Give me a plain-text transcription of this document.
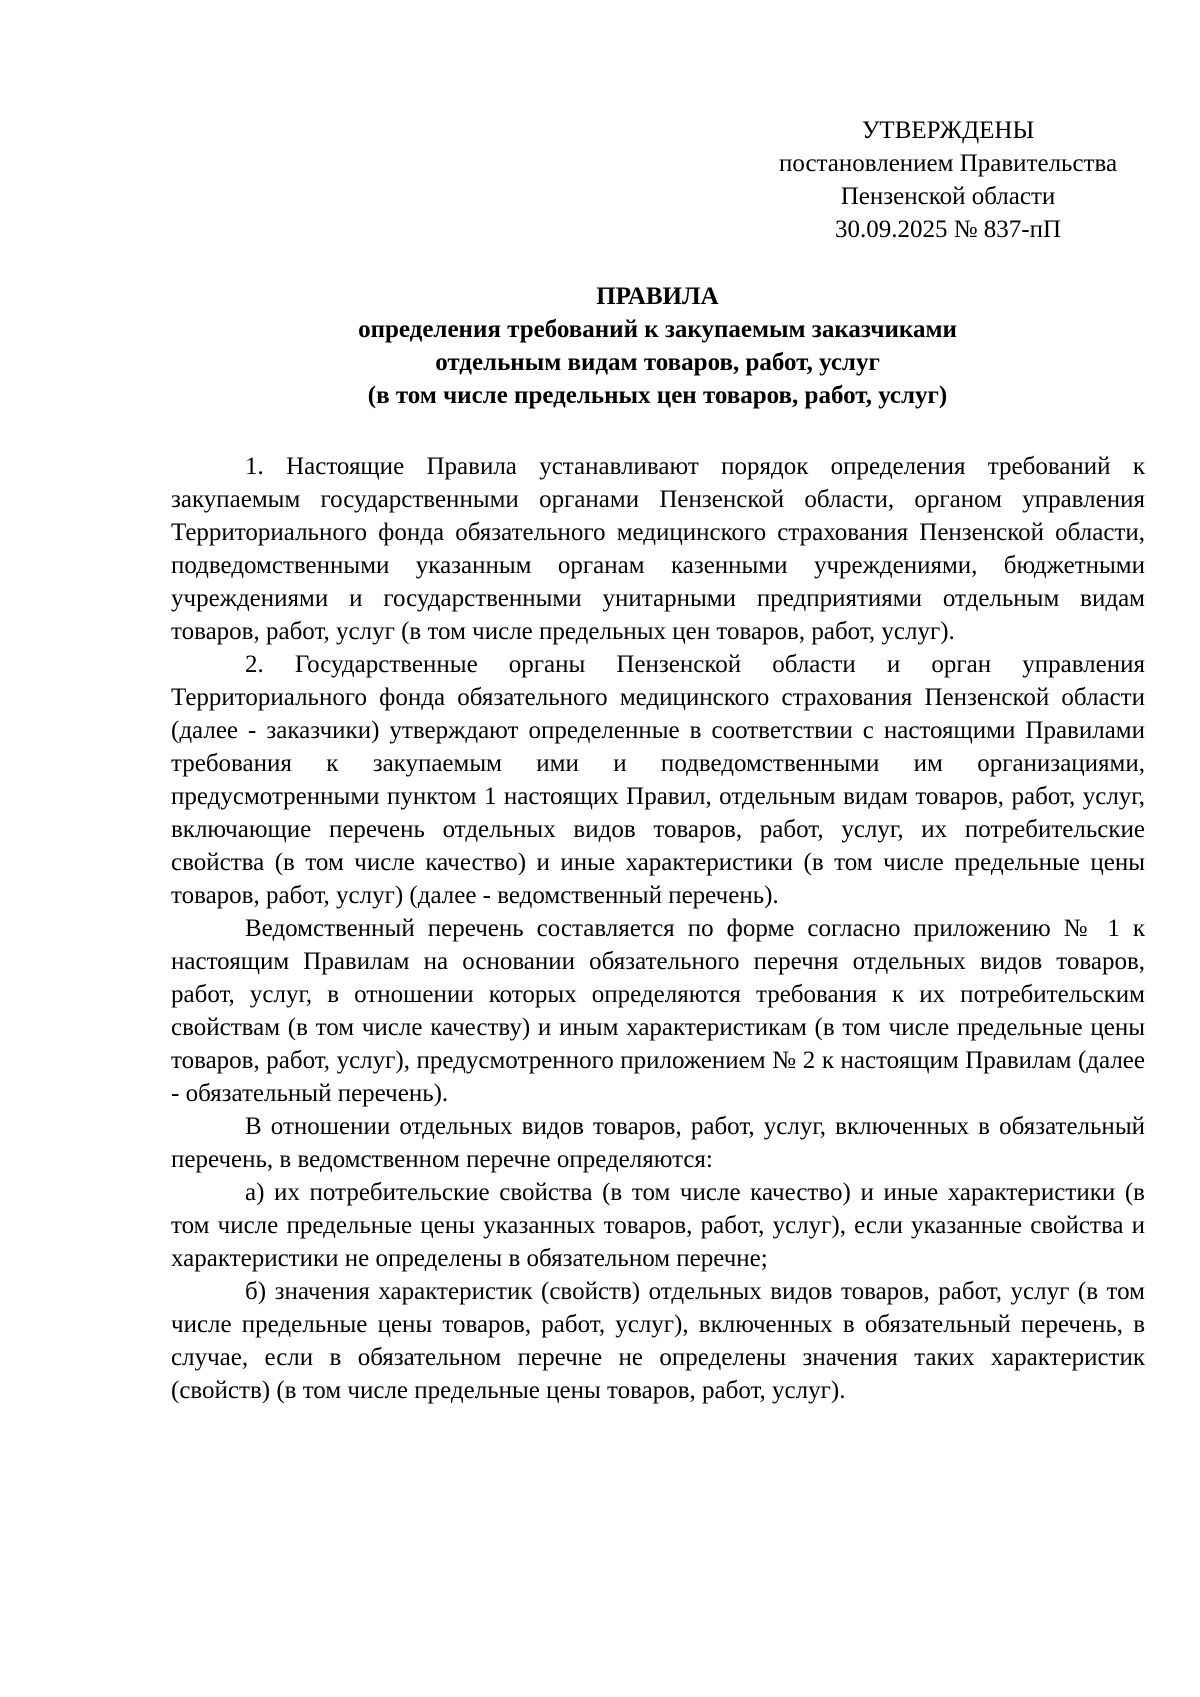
УТВЕРЖДЕНЫ
постановлением Правительства
Пензенской области
30.09.2025 № 837-пП
ПРАВИЛА
определения требований к закупаемым заказчиками
отдельным видам товаров, работ, услуг
(в том числе предельных цен товаров, работ, услуг)

1. Настоящие Правила устанавливают порядок определения требований к закупаемым государственными органами Пензенской области, органом управления Территориального фонда обязательного медицинского страхования Пензенской области, подведомственными указанным органам казенными учреждениями, бюджетными учреждениями и государственными унитарными предприятиями отдельным видам товаров, работ, услуг (в том числе предельных цен товаров, работ, услуг).

2. Государственные органы Пензенской области и орган управления Территориального фонда обязательного медицинского страхования Пензенской области (далее - заказчики) утверждают определенные в соответствии с настоящими Правилами требования к закупаемым ими и подведомственными им организациями, предусмотренными пунктом 1 настоящих Правил, отдельным видам товаров, работ, услуг, включающие перечень отдельных видов товаров, работ, услуг, их потребительские свойства (в том числе качество) и иные характеристики (в том числе предельные цены товаров, работ, услуг) (далее - ведомственный перечень).

Ведомственный перечень составляется по форме согласно приложению № 1 к настоящим Правилам на основании обязательного перечня отдельных видов товаров, работ, услуг, в отношении которых определяются требования к их потребительским свойствам (в том числе качеству) и иным характеристикам (в том числе предельные цены товаров, работ, услуг), предусмотренного приложением № 2 к настоящим Правилам (далее - обязательный перечень).

В отношении отдельных видов товаров, работ, услуг, включенных в обязательный перечень, в ведомственном перечне определяются:

а) их потребительские свойства (в том числе качество) и иные характеристики (в том числе предельные цены указанных товаров, работ, услуг), если указанные свойства и характеристики не определены в обязательном перечне;

б) значения характеристик (свойств) отдельных видов товаров, работ, услуг (в том числе предельные цены товаров, работ, услуг), включенных в обязательный перечень, в случае, если в обязательном перечне не определены значения таких характеристик (свойств) (в том числе предельные цены товаров, работ, услуг).
